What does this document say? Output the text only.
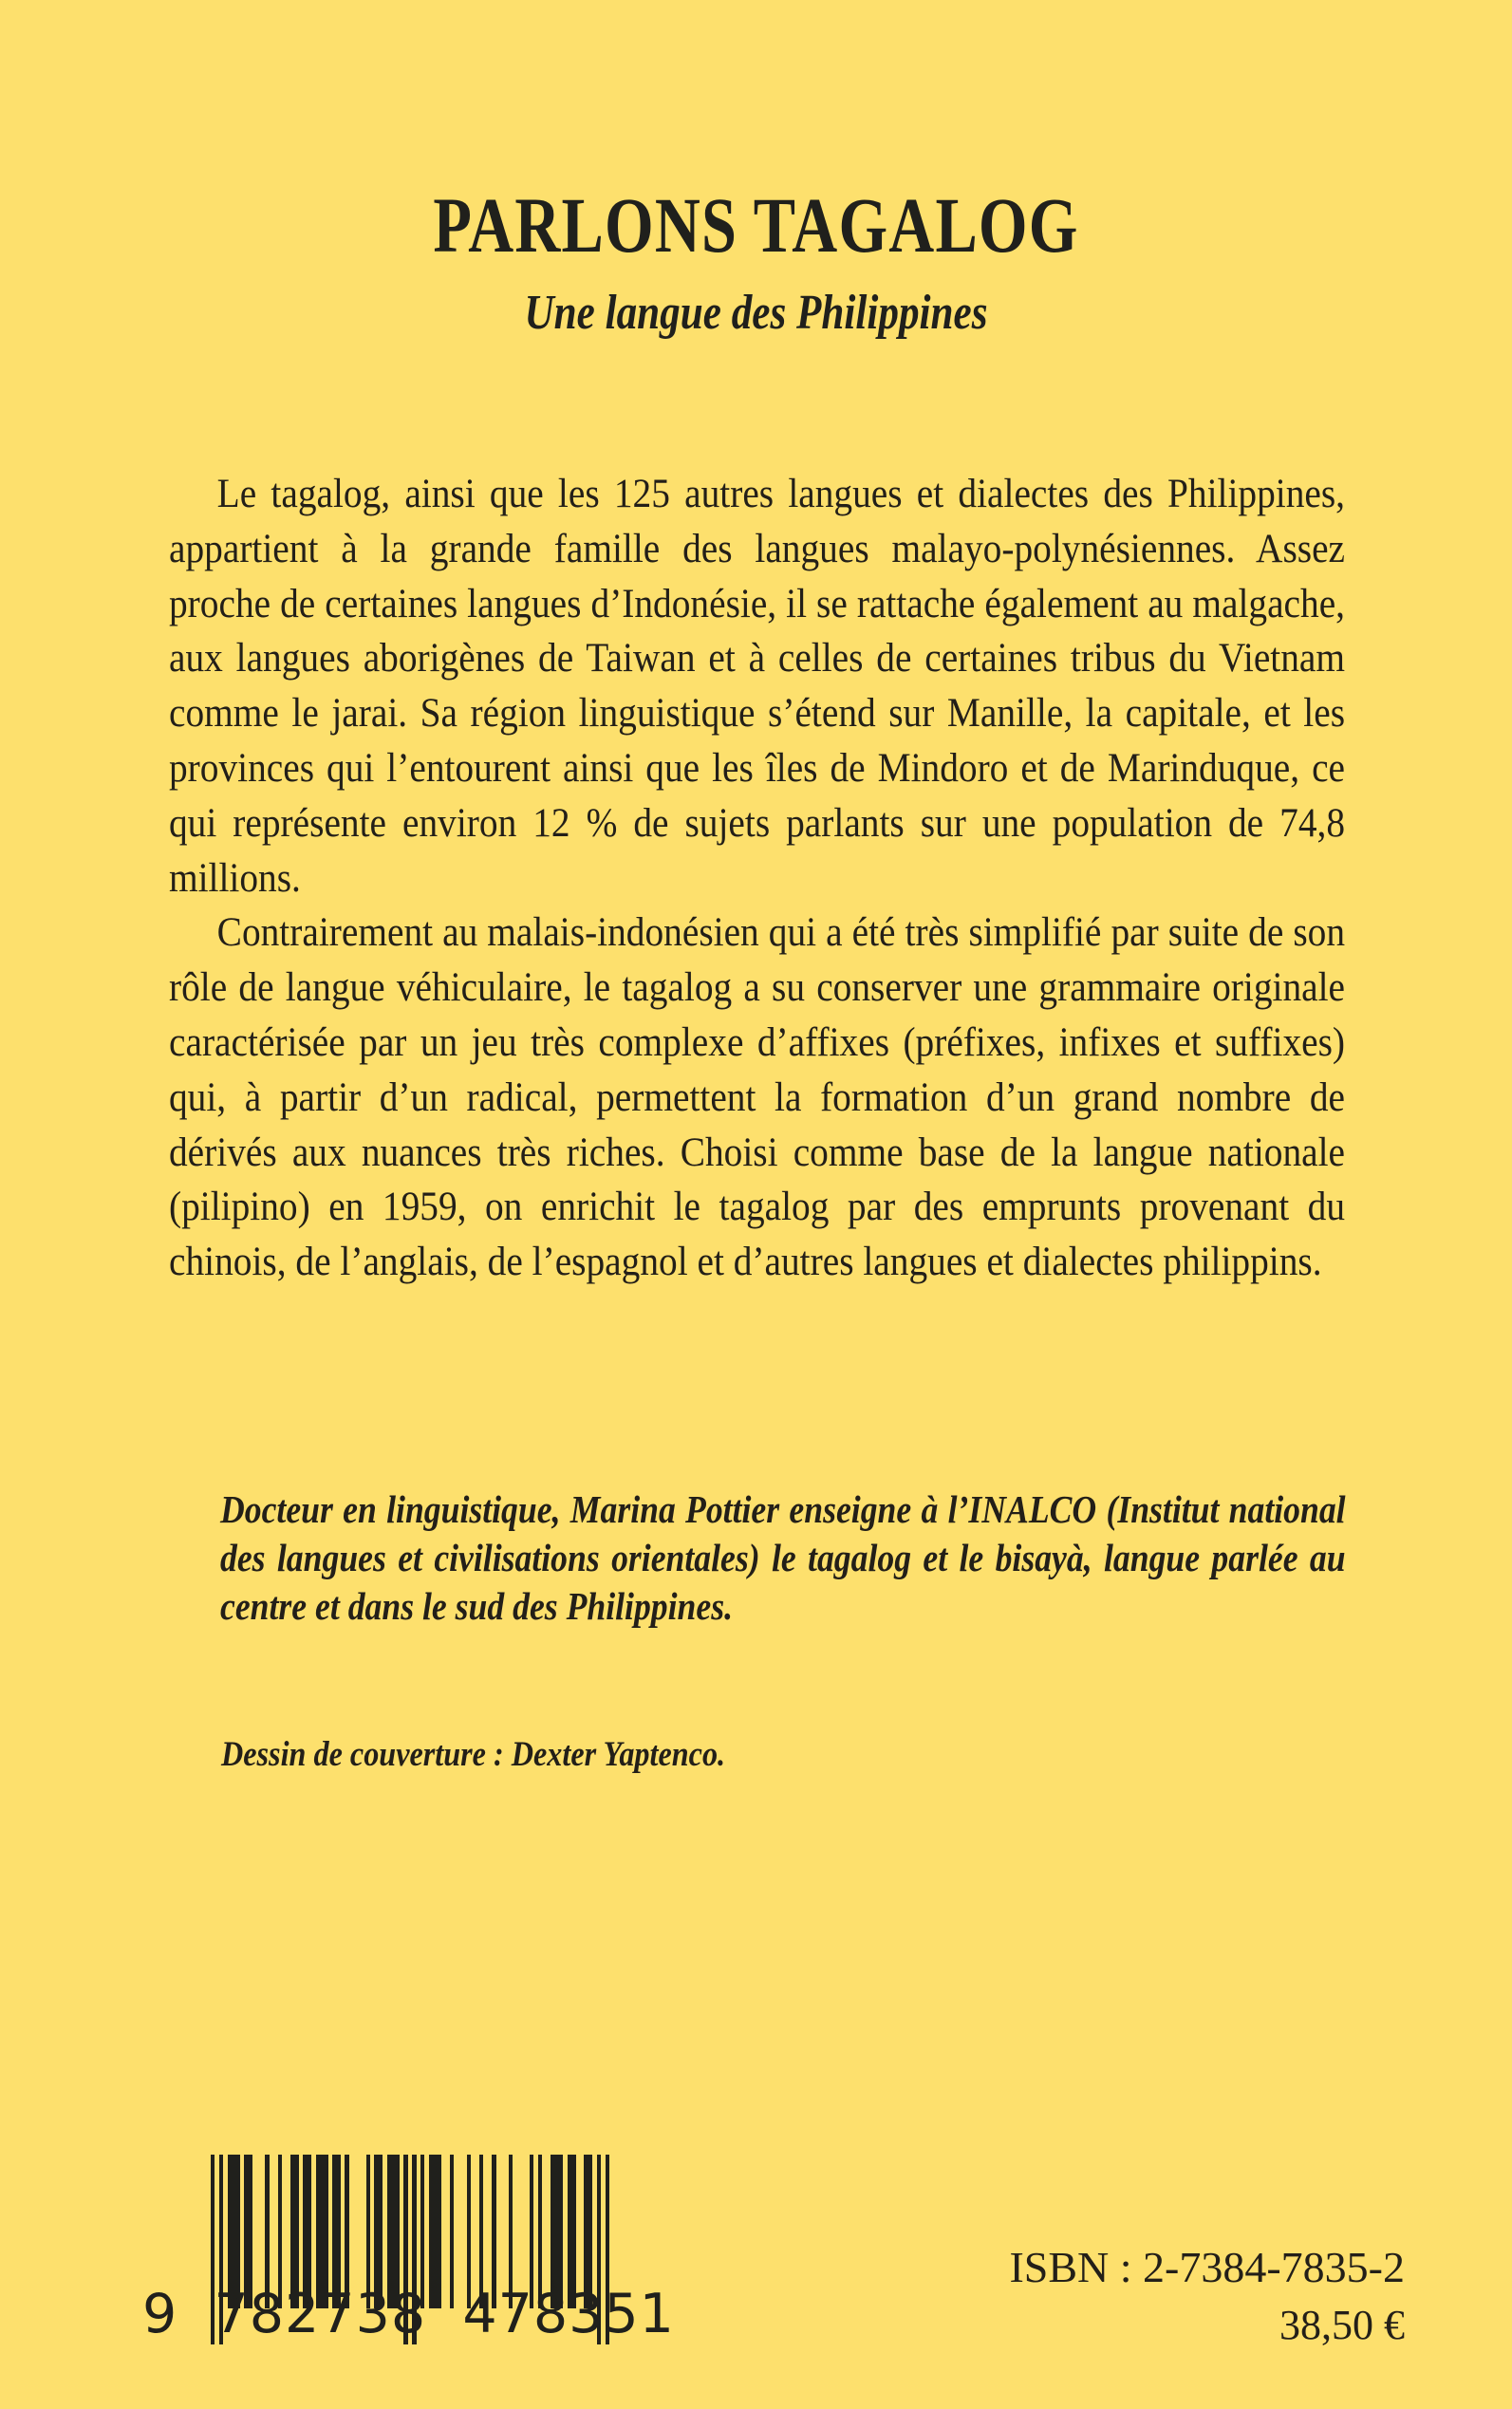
PARLONS TAGALOG
Une langue des Philippines

Le tagalog, ainsi que les 125 autres langues et dialectes des Philippines, appartient à la grande famille des langues malayo-polynésiennes. Assez proche de certaines langues d’Indonésie, il se rattache également au malgache, aux langues aborigènes de Taiwan et à celles de certaines tribus du Vietnam comme le jarai. Sa région linguistique s’étend sur Manille, la capitale, et les provinces qui l’entourent ainsi que les îles de Mindoro et de Marinduque, ce qui représente environ 12 % de sujets parlants sur une population de 74,8 millions.

Contrairement au malais-indonésien qui a été très simplifié par suite de son rôle de langue véhiculaire, le tagalog a su conserver une grammaire originale caractérisée par un jeu très complexe d’affixes (préfixes, infixes et suffixes) qui, à partir d’un radical, permettent la formation d’un grand nombre de dérivés aux nuances très riches. Choisi comme base de la langue nationale (pilipino) en 1959, on enrichit le tagalog par des emprunts provenant du chinois, de l’anglais, de l’espagnol et d’autres langues et dialectes philippins.

Docteur en linguistique, Marina Pottier enseigne à l’INALCO (Institut national des langues et civilisations orientales) le tagalog et le bisayà, langue parlée au centre et dans le sud des Philippines.

Dessin de couverture : Dexter Yaptenco.
9  782738  478351
ISBN : 2-7384-7835-2
38,50 €
